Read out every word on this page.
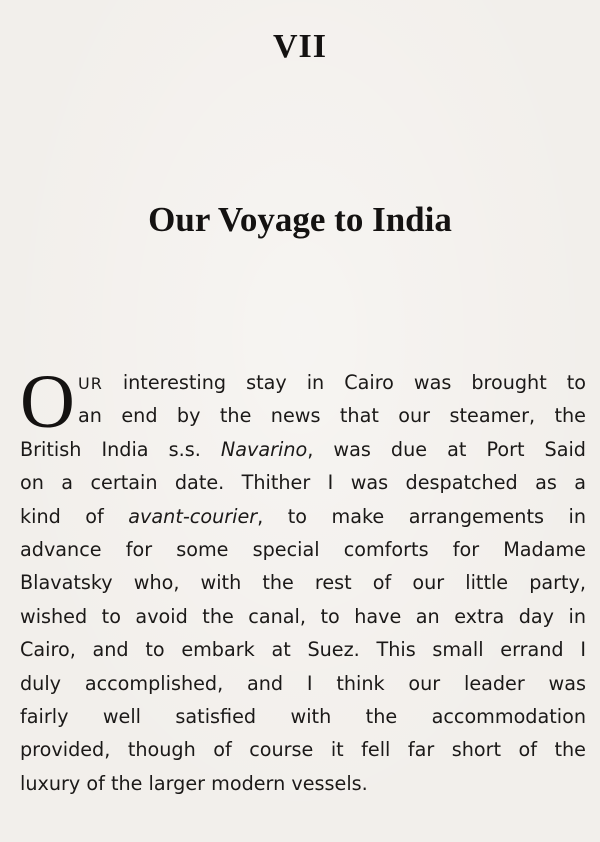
VII
Our Voyage to India
O UR interesting stay in Cairo was brought to
an end by the news that our steamer, the
British India s.s. Navarino, was due at Port Said
on a certain date. Thither I was despatched as a
kind of avant-courier, to make arrangements in
advance for some special comforts for Madame
Blavatsky who, with the rest of our little party,
wished to avoid the canal, to have an extra day in
Cairo, and to embark at Suez. This small errand I
duly accomplished, and I think our leader was
fairly well satisfied with the accommodation
provided, though of course it fell far short of the
luxury of the larger modern vessels.
